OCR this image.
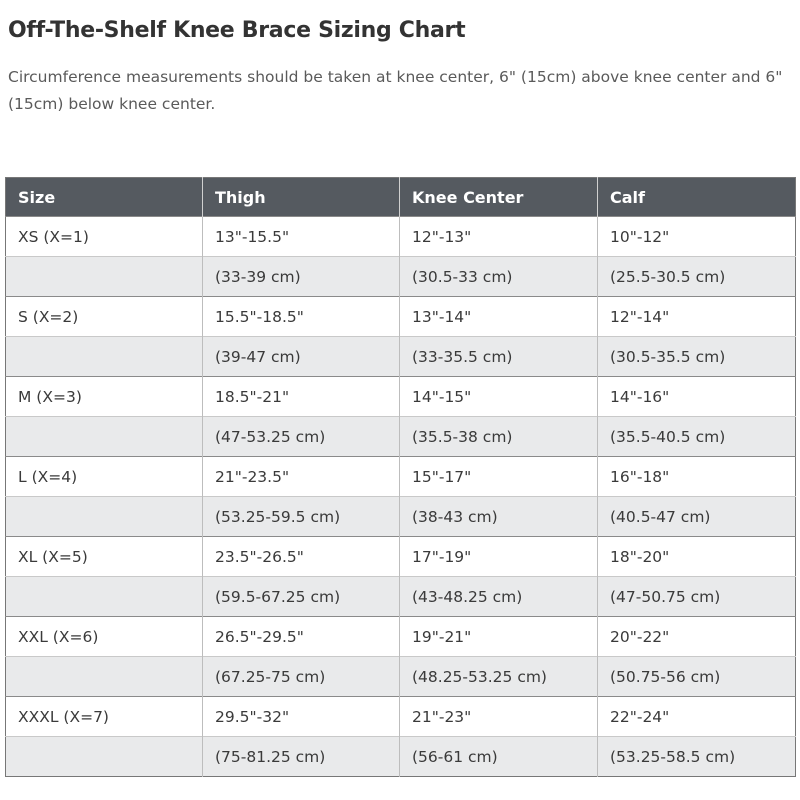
Off-The-Shelf Knee Brace Sizing Chart
Circumference measurements should be taken at knee center, 6" (15cm) above knee center and 6" (15cm) below knee center.
Size	Thigh	Knee Center	Calf
XS (X=1)	13"-15.5"	12"-13"	10"-12"
	(33-39 cm)	(30.5-33 cm)	(25.5-30.5 cm)
S (X=2)	15.5"-18.5"	13"-14"	12"-14"
	(39-47 cm)	(33-35.5 cm)	(30.5-35.5 cm)
M (X=3)	18.5"-21"	14"-15"	14"-16"
	(47-53.25 cm)	(35.5-38 cm)	(35.5-40.5 cm)
L (X=4)	21"-23.5"	15"-17"	16"-18"
	(53.25-59.5 cm)	(38-43 cm)	(40.5-47 cm)
XL (X=5)	23.5"-26.5"	17"-19"	18"-20"
	(59.5-67.25 cm)	(43-48.25 cm)	(47-50.75 cm)
XXL (X=6)	26.5"-29.5"	19"-21"	20"-22"
	(67.25-75 cm)	(48.25-53.25 cm)	(50.75-56 cm)
XXXL (X=7)	29.5"-32"	21"-23"	22"-24"
	(75-81.25 cm)	(56-61 cm)	(53.25-58.5 cm)
